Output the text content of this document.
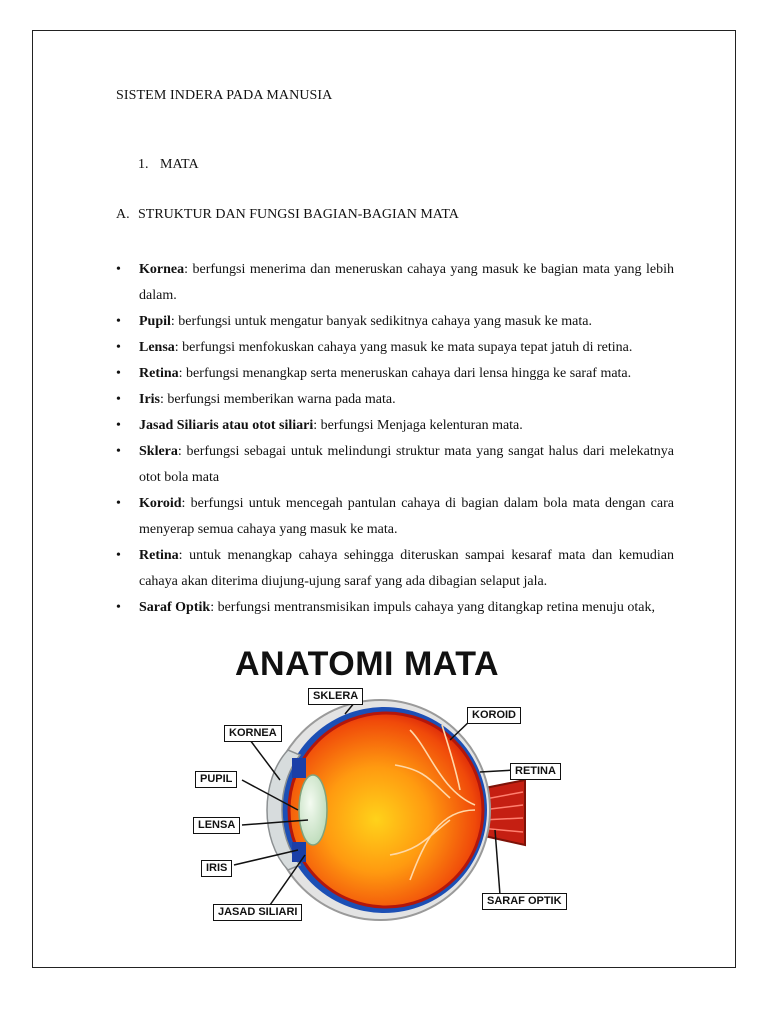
SISTEM INDERA PADA MANUSIA
1. MATA
A. STRUKTUR DAN FUNGSI BAGIAN-BAGIAN MATA
• Kornea: berfungsi menerima dan meneruskan cahaya yang masuk ke bagian mata yang lebih dalam.
• Pupil: berfungsi untuk mengatur banyak sedikitnya cahaya yang masuk ke mata.
• Lensa: berfungsi menfokuskan cahaya yang masuk ke mata supaya tepat jatuh di retina.
• Retina: berfungsi menangkap serta meneruskan cahaya dari lensa hingga ke saraf mata.
• Iris: berfungsi memberikan warna pada mata.
• Jasad Siliaris atau otot siliari: berfungsi Menjaga kelenturan mata.
• Sklera: berfungsi sebagai untuk melindungi struktur mata yang sangat halus dari melekatnya otot bola mata
• Koroid: berfungsi untuk mencegah pantulan cahaya di bagian dalam bola mata dengan cara menyerap semua cahaya yang masuk ke mata.
• Retina: untuk menangkap cahaya sehingga diteruskan sampai kesaraf mata dan kemudian cahaya akan diterima diujung-ujung saraf yang ada dibagian selaput jala.
• Saraf Optik: berfungsi mentransmisikan impuls cahaya yang ditangkap retina menuju otak,
ANATOMI MATA
SKLERA
KOROID
KORNEA
RETINA
PUPIL
LENSA
IRIS
SARAF OPTIK
JASAD SILIARI
